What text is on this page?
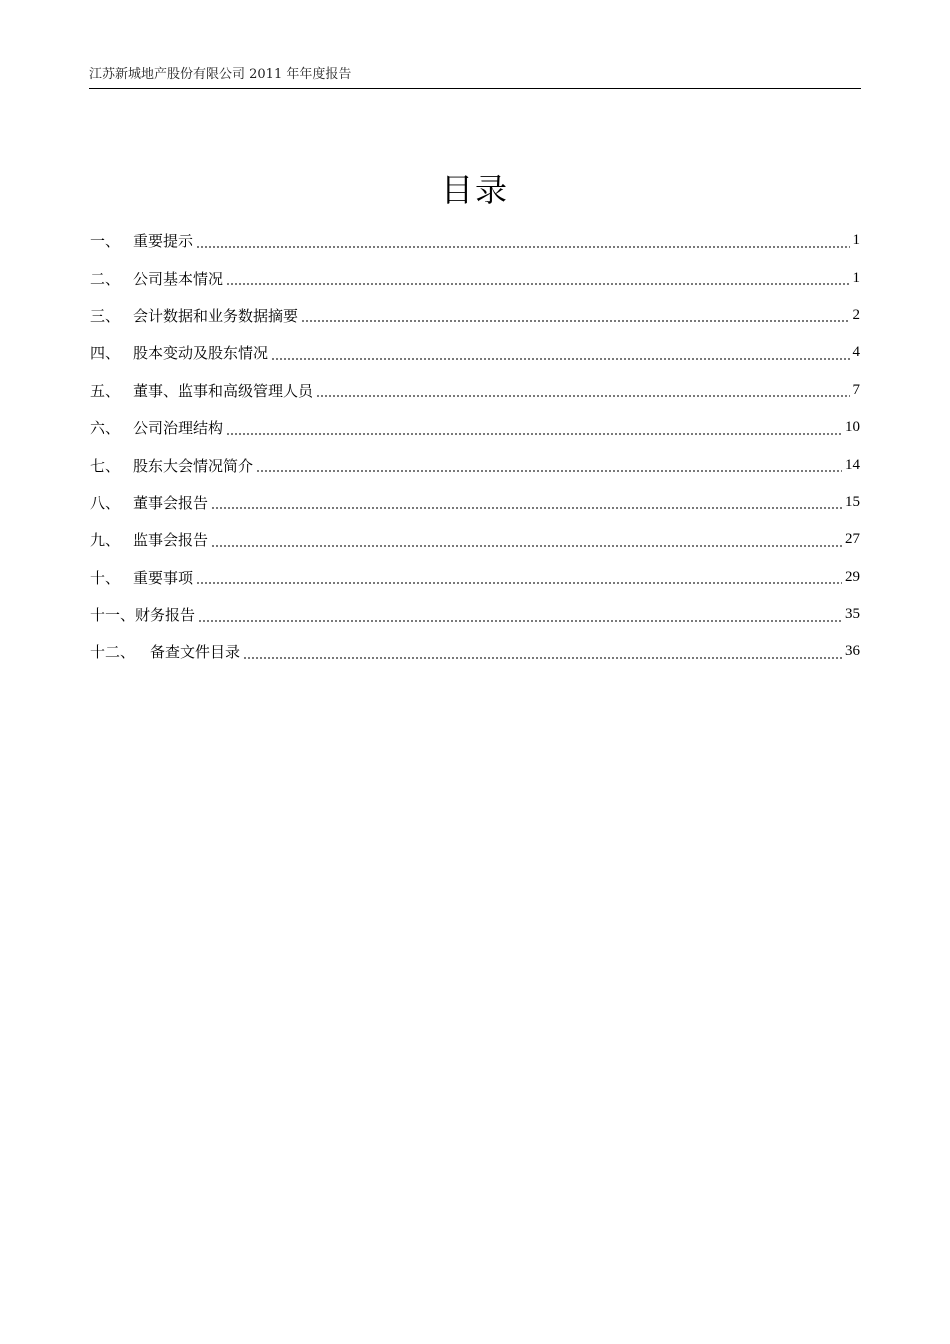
江苏新城地产股份有限公司 2011 年年度报告
目录
一、 重要提示	1
二、 公司基本情况	1
三、 会计数据和业务数据摘要	2
四、 股本变动及股东情况	4
五、 董事、监事和高级管理人员	7
六、 公司治理结构	10
七、 股东大会情况简介	14
八、 董事会报告	15
九、 监事会报告	27
十、 重要事项	29
十一、 财务报告	35
十二、 备查文件目录	36
